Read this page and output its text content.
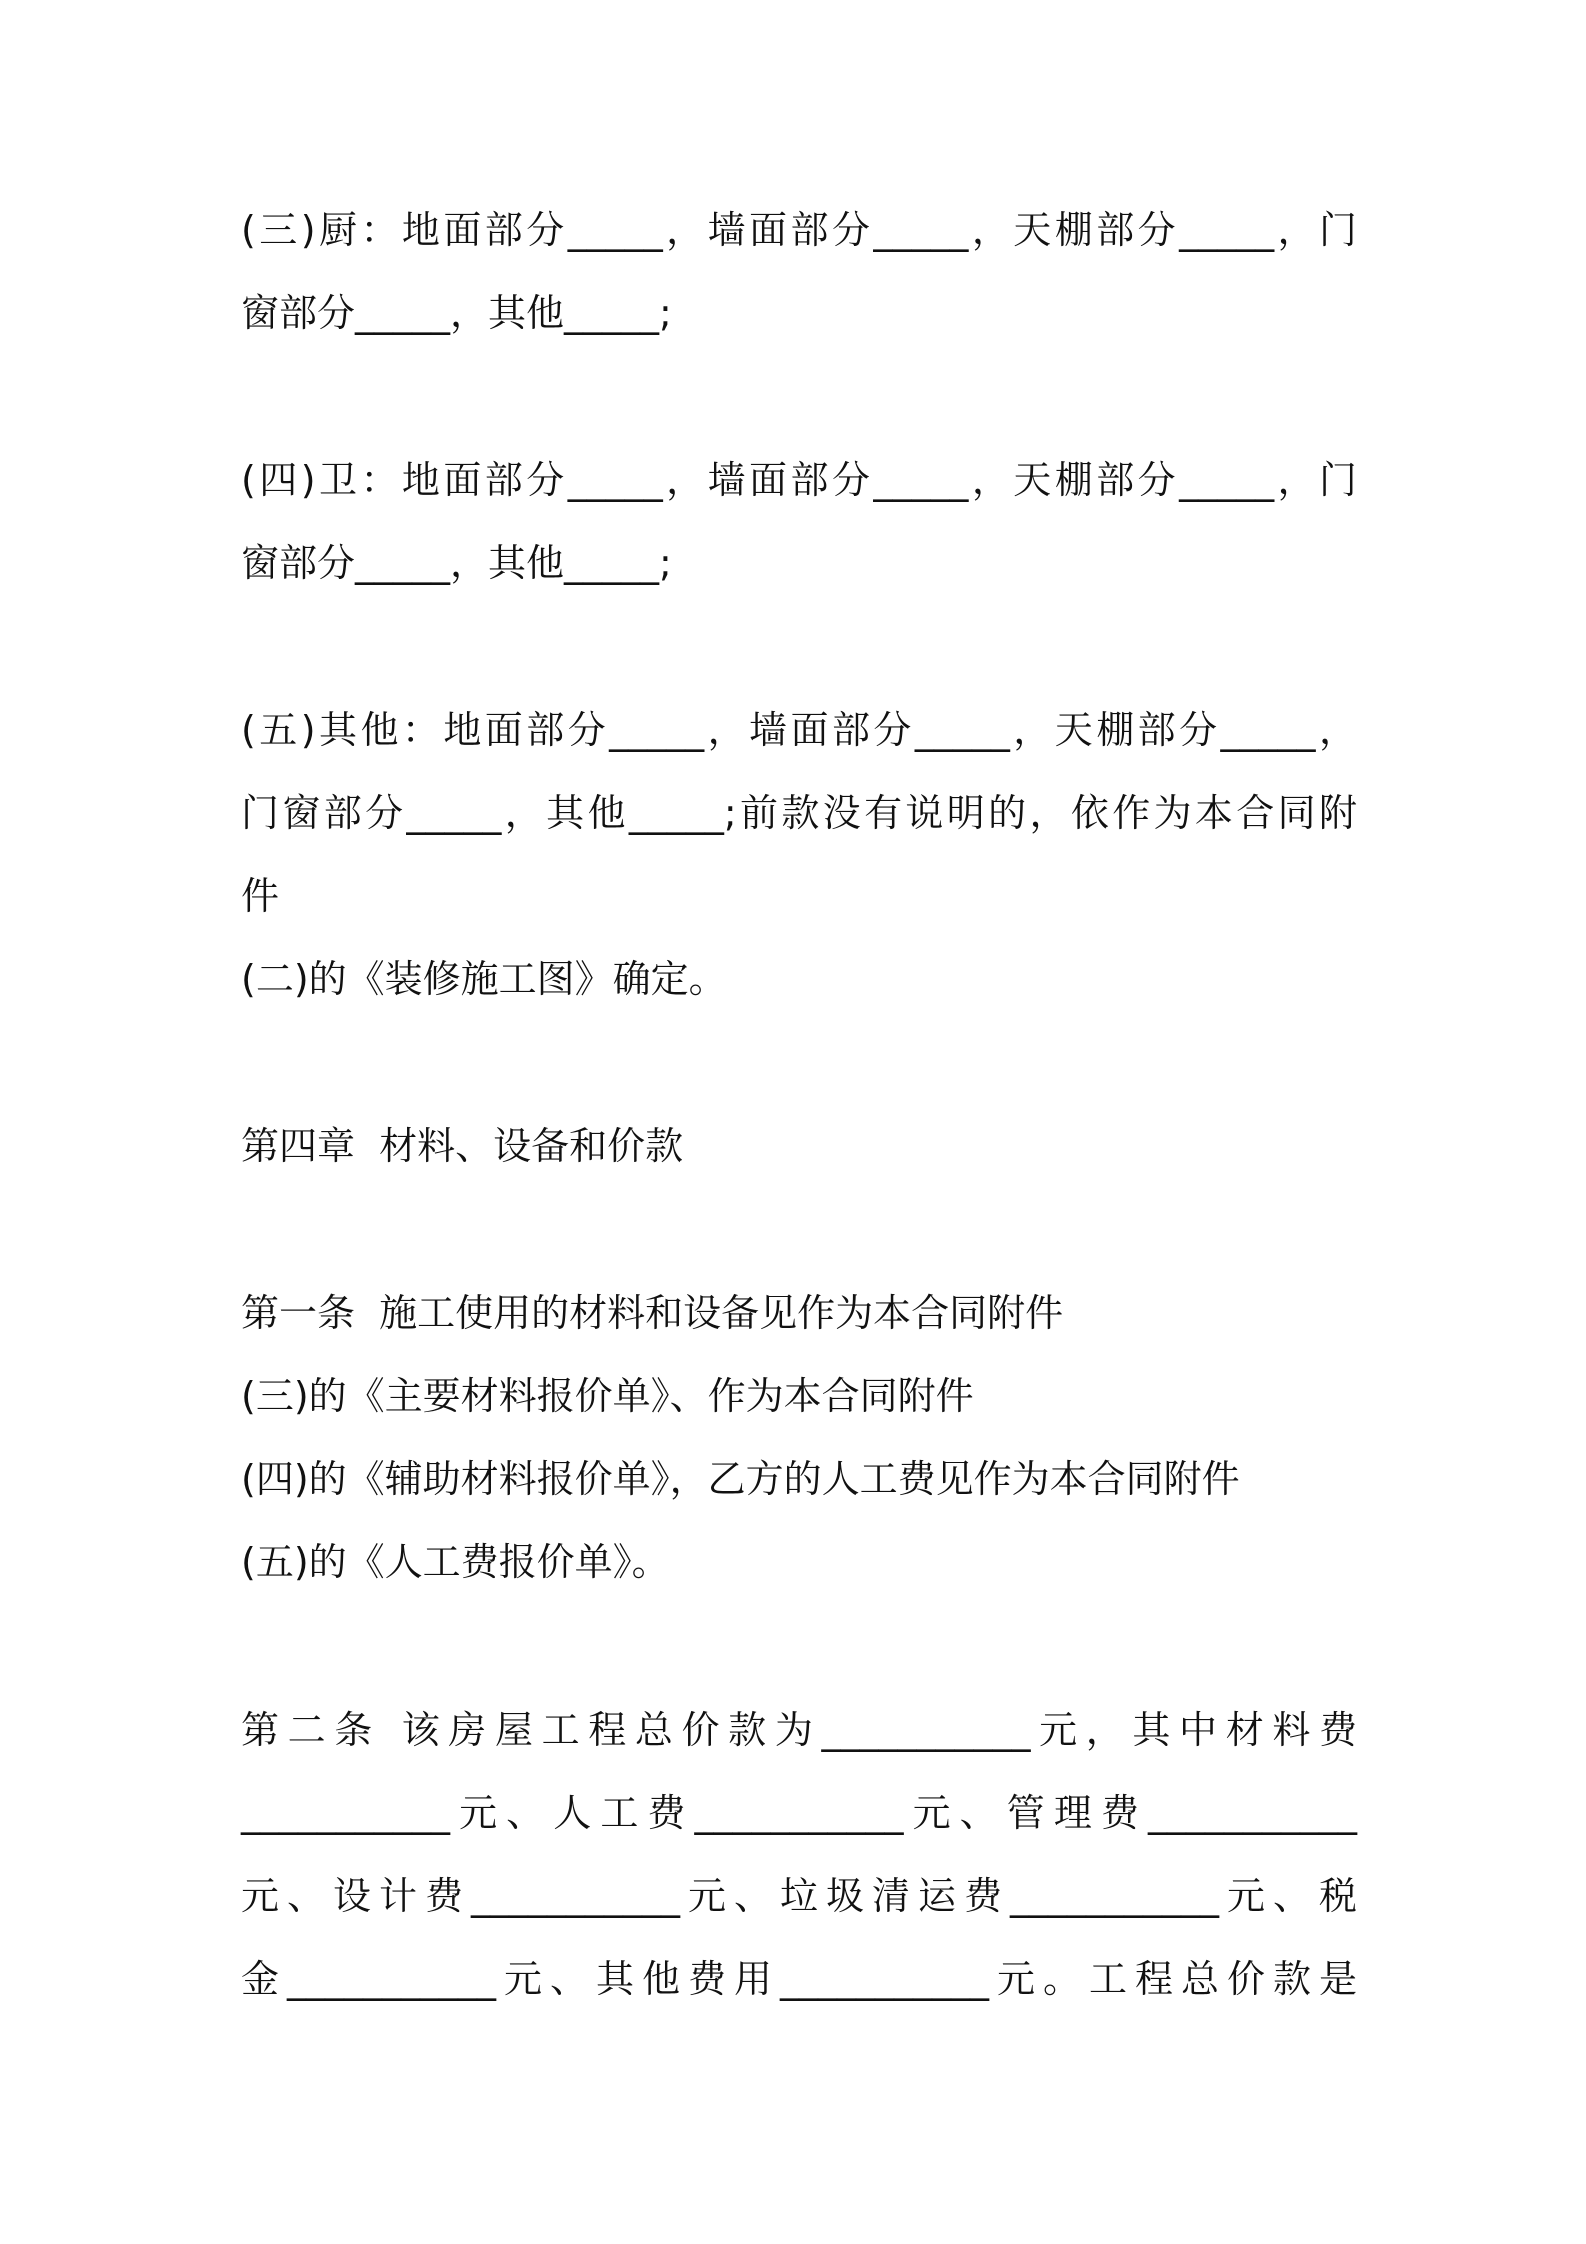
(三)厨：地面部分_____，墙面部分_____，天棚部分_____，门
窗部分_____，其他_____;
(四)卫：地面部分_____，墙面部分_____，天棚部分_____，门
窗部分_____，其他_____;
(五)其他：地面部分_____，墙面部分_____，天棚部分_____，
门窗部分_____，其他_____;前款没有说明的，依作为本合同附
件
(二)的《装修施工图》确定。
第四章  材料、设备和价款
第一条  施工使用的材料和设备见作为本合同附件
(三)的《主要材料报价单》、作为本合同附件
(四)的《辅助材料报价单》，乙方的人工费见作为本合同附件
(五)的《人工费报价单》。
第二条 该房屋工程总价款为___________元，其中材料费
___________元、人工费___________元、管理费___________
元、设计费___________元、垃圾清运费___________元、税
金___________元、其他费用___________元。工程总价款是
